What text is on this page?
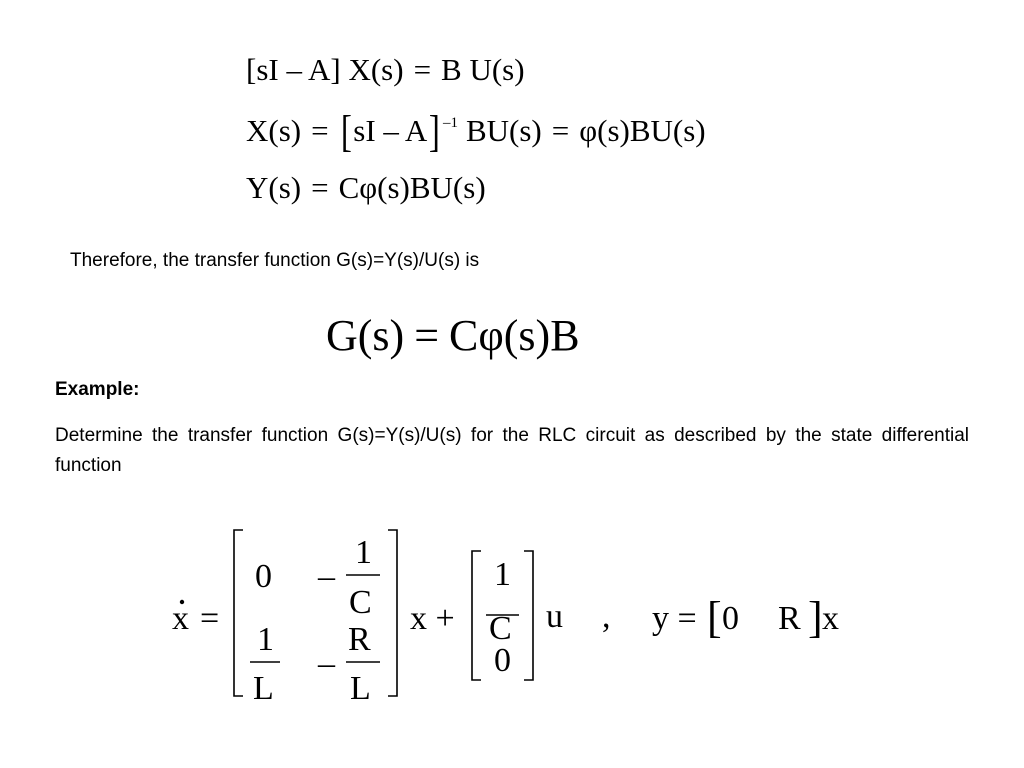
[sI – A] X(s) = B U(s)
X(s) = [sI – A] $^{-1}$ BU(s) = φ(s)BU(s)
Y(s) = Cφ(s)BU(s)
Therefore, the transfer function G(s)=Y(s)/U(s) is
G(s) = Cφ(s)B
Example:
Determine the transfer function G(s)=Y(s)/U(s) for the RLC circuit as described by the state differential function
x =
0 –
1
C
1
L
–
R
L
x +
1
C
0
u , y = [ 0 R ] x
